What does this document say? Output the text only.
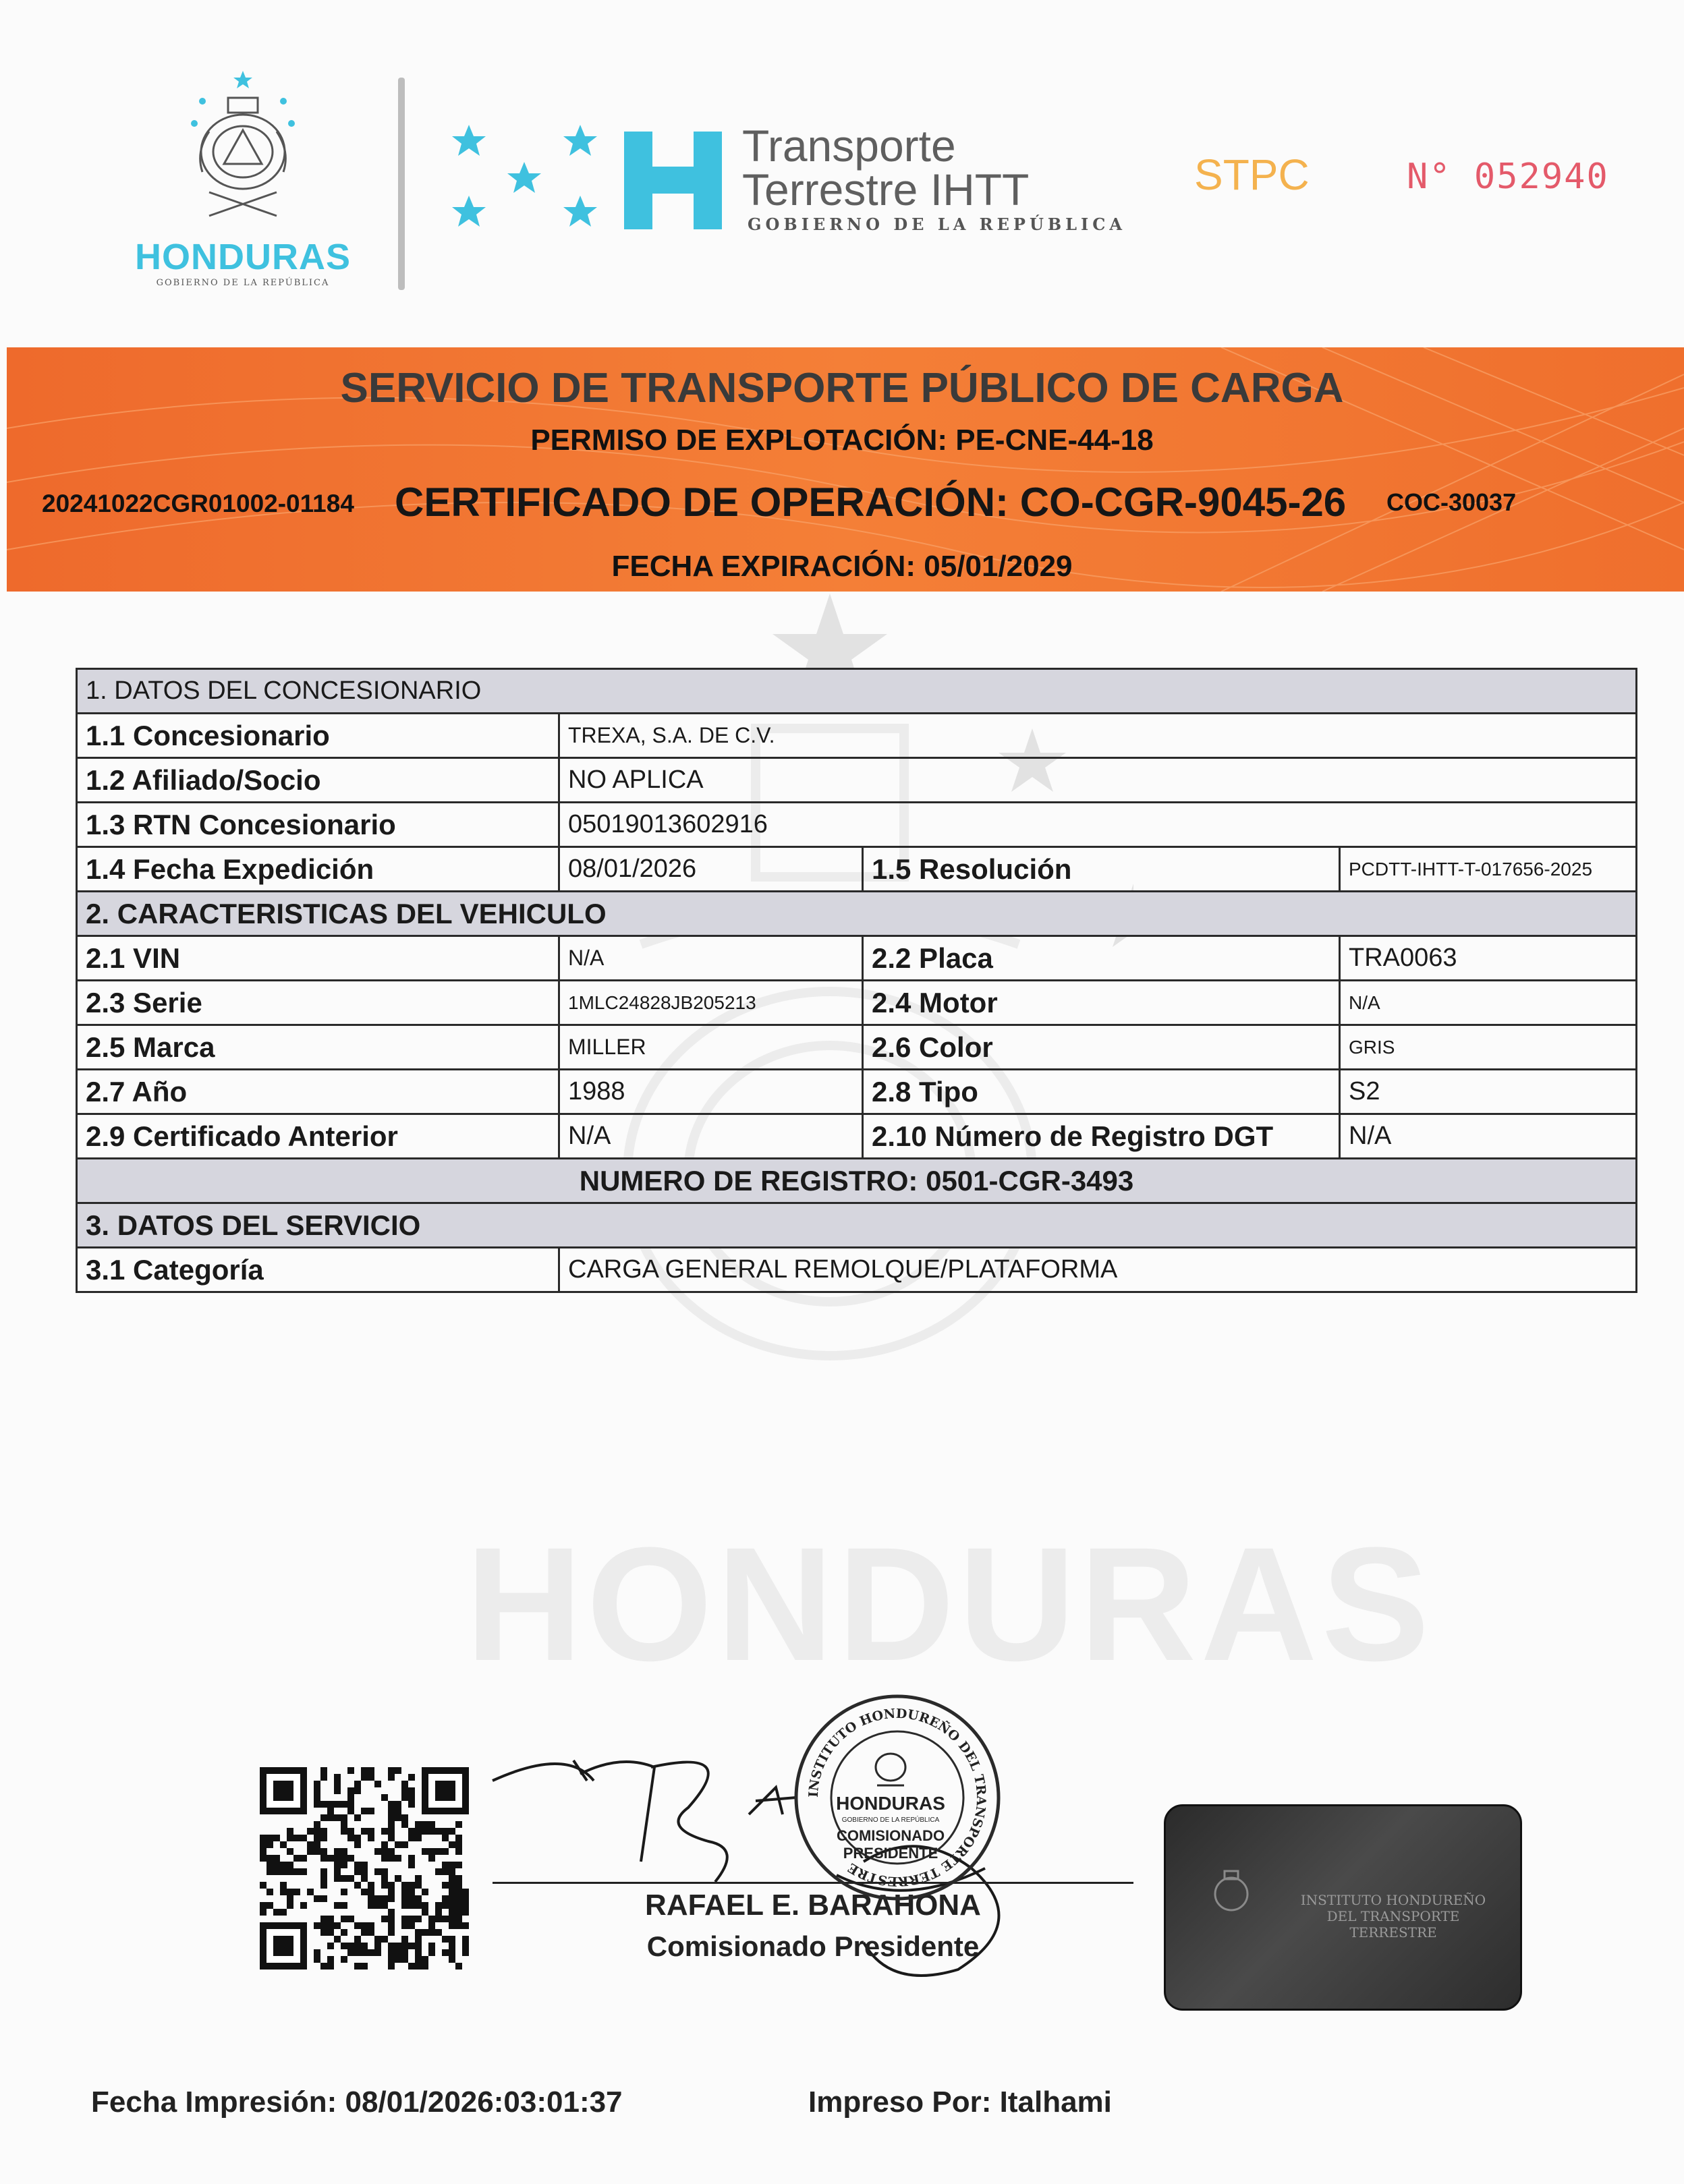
HONDURAS
GOBIERNO DE LA REPÚBLICA
Transporte
Terrestre IHTT
GOBIERNO DE LA REPÚBLICA
STPC	N° 052940
SERVICIO DE TRANSPORTE PÚBLICO DE CARGA
PERMISO DE EXPLOTACIÓN: PE-CNE-44-18
20241022CGR01002-01184 CERTIFICADO DE OPERACIÓN: CO-CGR-9045-26 COC-30037
FECHA EXPIRACIÓN: 05/01/2029
HONDURAS
1. DATOS DEL CONCESIONARIO			
1.1 Concesionario	TREXA, S.A. DE C.V.		
1.2 Afiliado/Socio	NO APLICA		
1.3 RTN Concesionario	05019013602916		
1.4 Fecha Expedición	08/01/2026	1.5 Resolución	PCDTT-IHTT-T-017656-2025
2. CARACTERISTICAS DEL VEHICULO			
2.1 VIN	N/A	2.2 Placa	TRA0063
2.3 Serie	1MLC24828JB205213	2.4 Motor	N/A
2.5 Marca	MILLER	2.6 Color	GRIS
2.7 Año	1988	2.8 Tipo	S2
2.9 Certificado Anterior	N/A	2.10 Número de Registro DGT	N/A
NUMERO DE REGISTRO: 0501-CGR-3493			
3. DATOS DEL SERVICIO			
3.1 Categoría	CARGA GENERAL REMOLQUE/PLATAFORMA		
RAFAEL E. BARAHONA
Comisionado Presidente
INSTITUTO HONDUREÑO DEL TRANSPORTE TERRESTRE
HONDURAS
GOBIERNO DE LA REPÚBLICA
COMISIONADO
PRESIDENTE
INSTITUTO HONDUREÑO DEL TRANSPORTE TERRESTRE
Fecha Impresión: 08/01/2026:03:01:37	Impreso Por: Italhami
